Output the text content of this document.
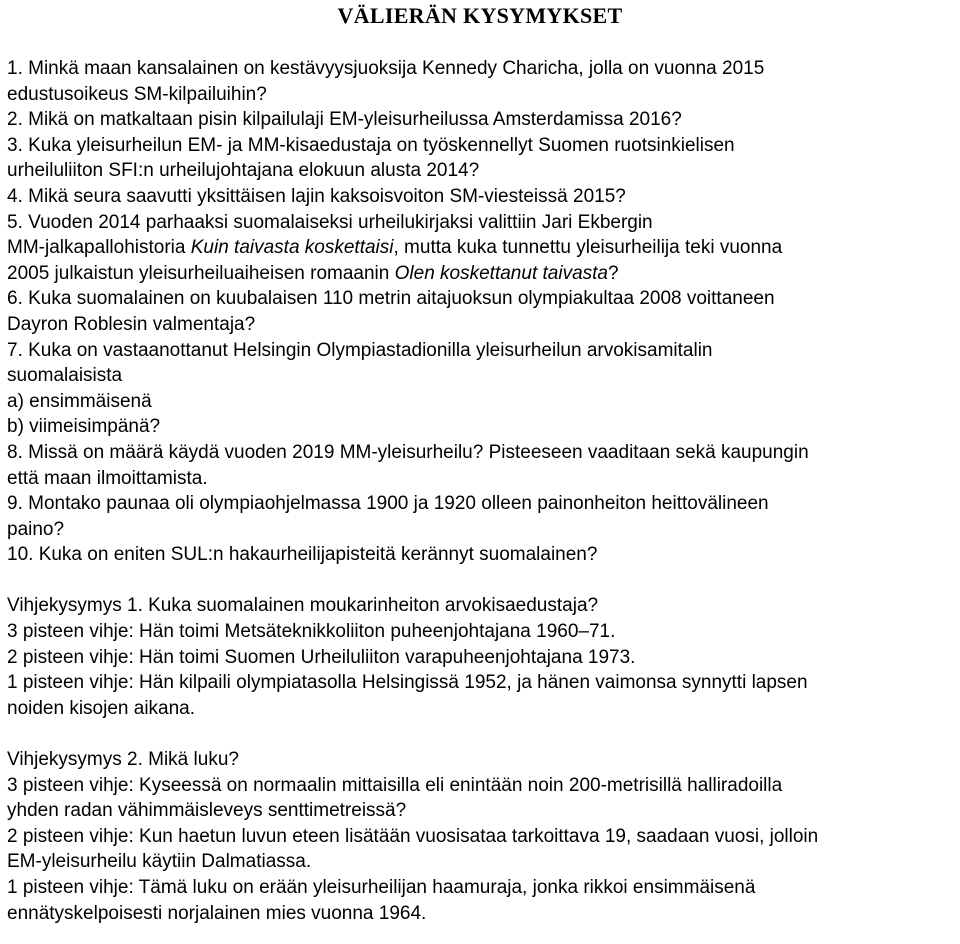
VÄLIERÄN KYSYMYKSET
1. Minkä maan kansalainen on kestävyysjuoksija Kennedy Charicha, jolla on vuonna 2015
edustusoikeus SM-kilpailuihin?
2. Mikä on matkaltaan pisin kilpailulaji EM-yleisurheilussa Amsterdamissa 2016?
3. Kuka yleisurheilun EM- ja MM-kisaedustaja on työskennellyt Suomen ruotsinkielisen
urheiluliiton SFI:n urheilujohtajana elokuun alusta 2014?
4. Mikä seura saavutti yksittäisen lajin kaksoisvoiton SM-viesteissä 2015?
5. Vuoden 2014 parhaaksi suomalaiseksi urheilukirjaksi valittiin Jari Ekbergin
MM-jalkapallohistoria Kuin taivasta koskettaisi, mutta kuka tunnettu yleisurheilija teki vuonna
2005 julkaistun yleisurheiluaiheisen romaanin Olen koskettanut taivasta?
6. Kuka suomalainen on kuubalaisen 110 metrin aitajuoksun olympiakultaa 2008 voittaneen
Dayron Roblesin valmentaja?
7. Kuka on vastaanottanut Helsingin Olympiastadionilla yleisurheilun arvokisamitalin
suomalaisista
a) ensimmäisenä
b) viimeisimpänä?
8. Missä on määrä käydä vuoden 2019 MM-yleisurheilu? Pisteeseen vaaditaan sekä kaupungin
että maan ilmoittamista.
9. Montako paunaa oli olympiaohjelmassa 1900 ja 1920 olleen painonheiton heittovälineen
paino?
10. Kuka on eniten SUL:n hakaurheilijapisteitä kerännyt suomalainen?
Vihjekysymys 1. Kuka suomalainen moukarinheiton arvokisaedustaja?
3 pisteen vihje: Hän toimi Metsäteknikkoliiton puheenjohtajana 1960–71.
2 pisteen vihje: Hän toimi Suomen Urheiluliiton varapuheenjohtajana 1973.
1 pisteen vihje: Hän kilpaili olympiatasolla Helsingissä 1952, ja hänen vaimonsa synnytti lapsen
noiden kisojen aikana.
Vihjekysymys 2. Mikä luku?
3 pisteen vihje: Kyseessä on normaalin mittaisilla eli enintään noin 200-metrisillä halliradoilla
yhden radan vähimmäisleveys senttimetreissä?
2 pisteen vihje: Kun haetun luvun eteen lisätään vuosisataa tarkoittava 19, saadaan vuosi, jolloin
EM-yleisurheilu käytiin Dalmatiassa.
1 pisteen vihje: Tämä luku on erään yleisurheilijan haamuraja, jonka rikkoi ensimmäisenä
ennätyskelpoisesti norjalainen mies vuonna 1964.
